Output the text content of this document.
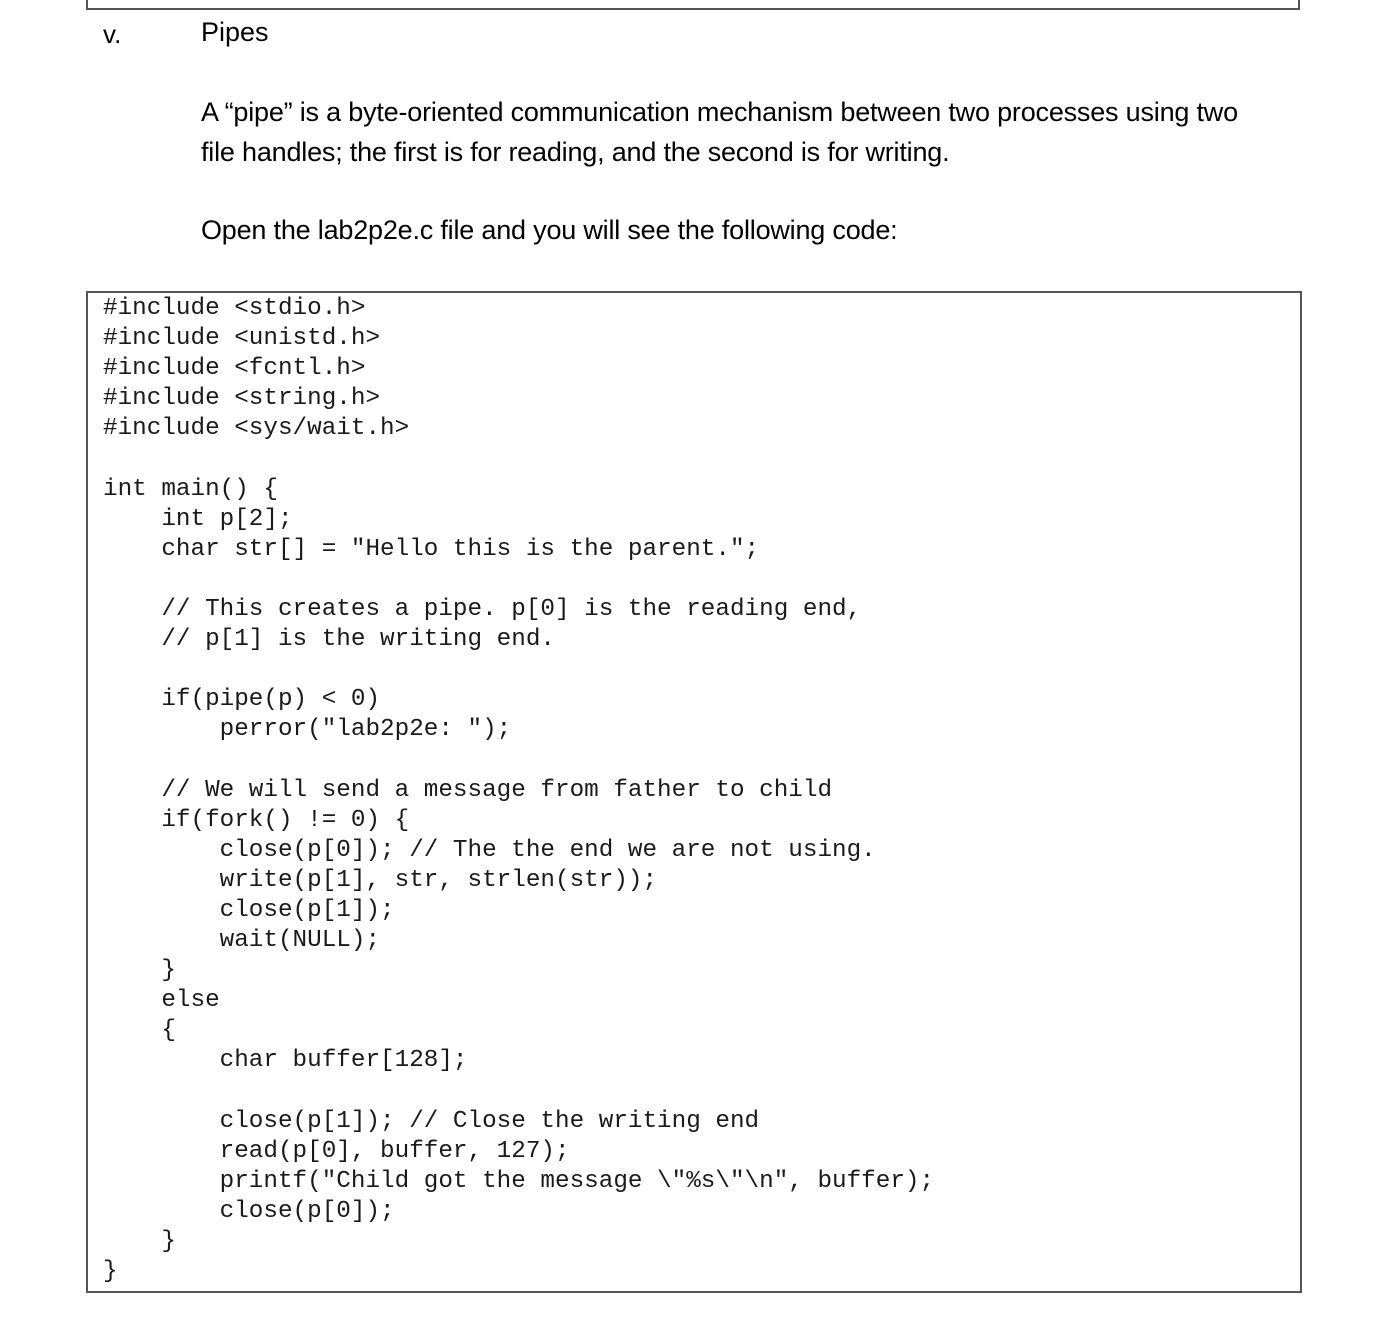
v.	Pipes
A “pipe” is a byte-oriented communication mechanism between two processes using two
file handles; the first is for reading, and the second is for writing.
Open the lab2p2e.c file and you will see the following code:
#include <stdio.h>
#include <unistd.h>
#include <fcntl.h>
#include <string.h>
#include <sys/wait.h>
int main() {
int p[2];
char str[] = "Hello this is the parent.";
// This creates a pipe. p[0] is the reading end,
// p[1] is the writing end.
if(pipe(p) < 0)
perror("lab2p2e: ");
// We will send a message from father to child
if(fork() != 0) {
close(p[0]); // The the end we are not using.
write(p[1], str, strlen(str));
close(p[1]);
wait(NULL);
}
else
{
char buffer[128];
close(p[1]); // Close the writing end
read(p[0], buffer, 127);
printf("Child got the message \"%s\"\n", buffer);
close(p[0]);
}
}
